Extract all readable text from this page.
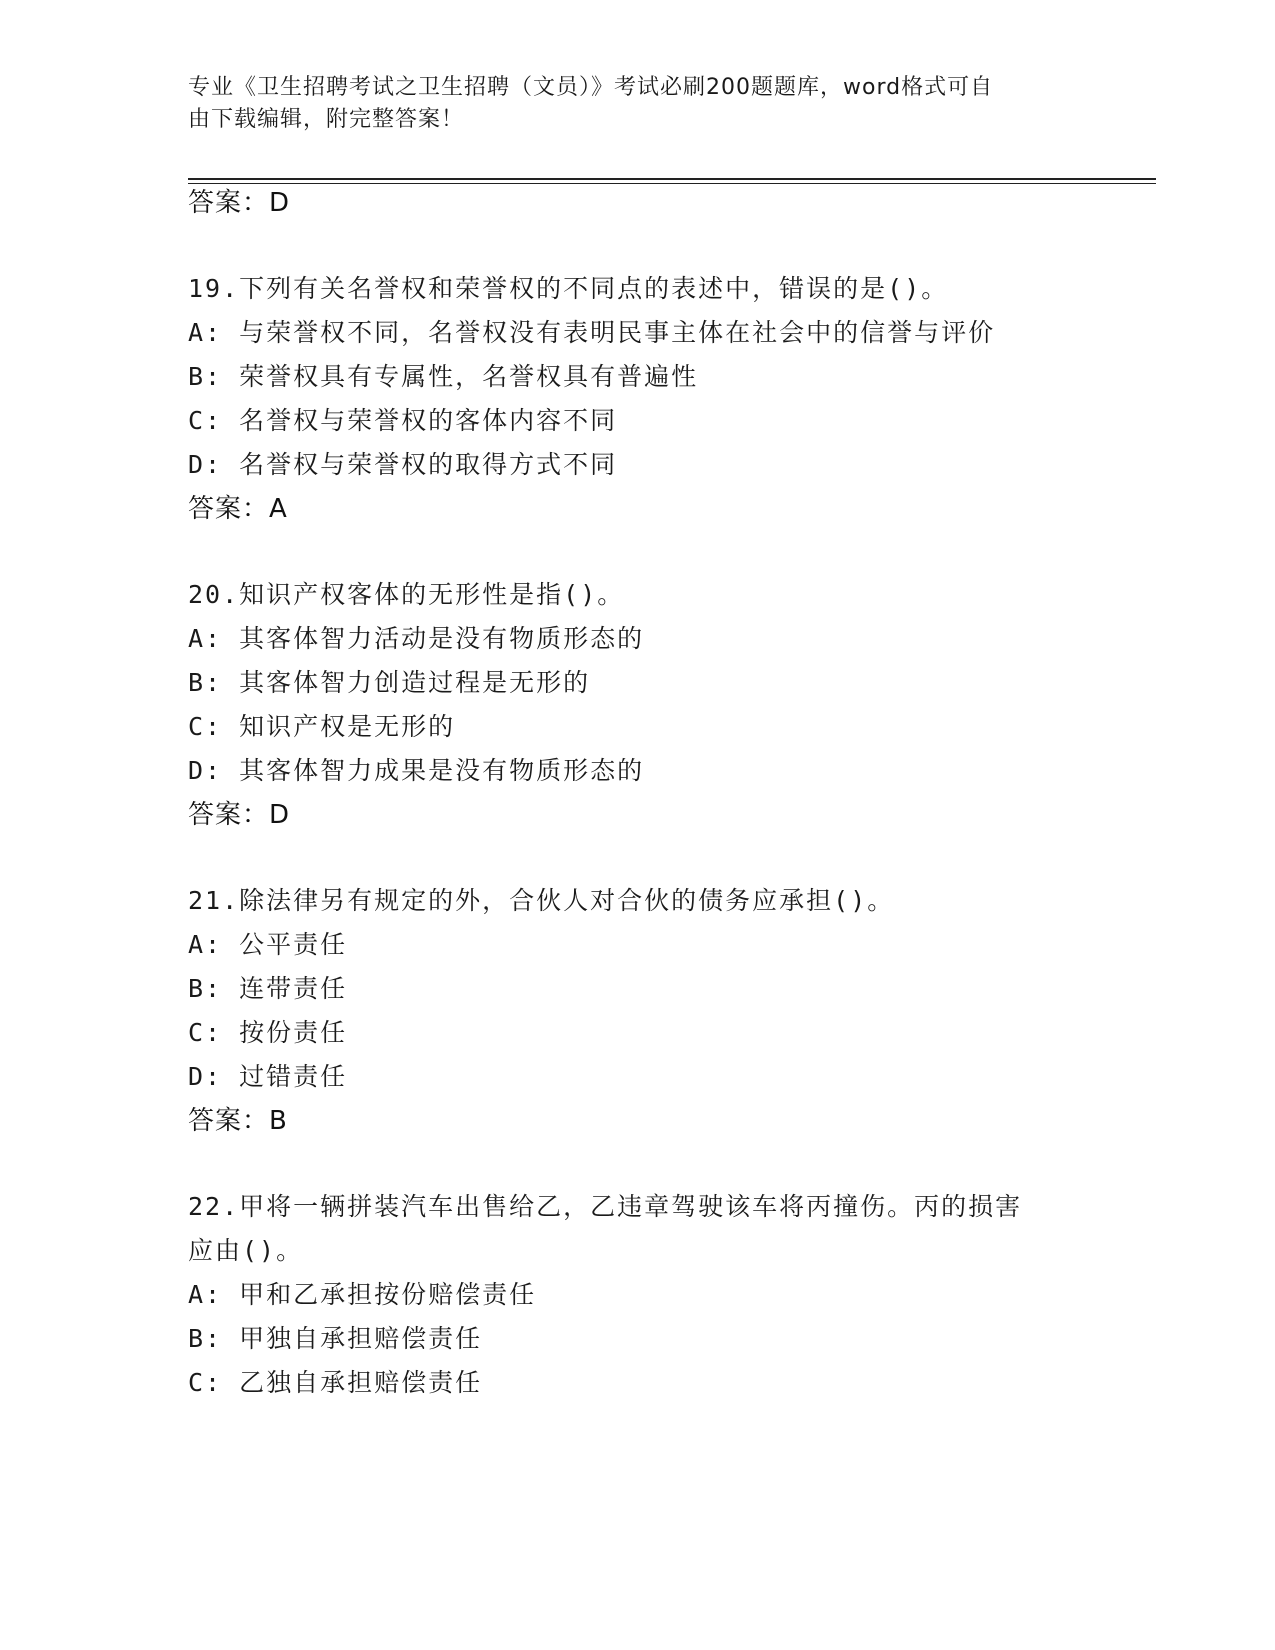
专业《卫生招聘考试之卫生招聘（文员）》考试必刷200题题库，word格式可自
由下载编辑，附完整答案！
答案：D
19.下列有关名誉权和荣誉权的不同点的表述中，错误的是()。
A: 与荣誉权不同，名誉权没有表明民事主体在社会中的信誉与评价
B: 荣誉权具有专属性，名誉权具有普遍性
C: 名誉权与荣誉权的客体内容不同
D: 名誉权与荣誉权的取得方式不同
答案：A
20.知识产权客体的无形性是指()。
A: 其客体智力活动是没有物质形态的
B: 其客体智力创造过程是无形的
C: 知识产权是无形的
D: 其客体智力成果是没有物质形态的
答案：D
21.除法律另有规定的外，合伙人对合伙的债务应承担()。
A: 公平责任
B: 连带责任
C: 按份责任
D: 过错责任
答案：B
22.甲将一辆拼装汽车出售给乙，乙违章驾驶该车将丙撞伤。丙的损害
应由()。
A: 甲和乙承担按份赔偿责任
B: 甲独自承担赔偿责任
C: 乙独自承担赔偿责任
